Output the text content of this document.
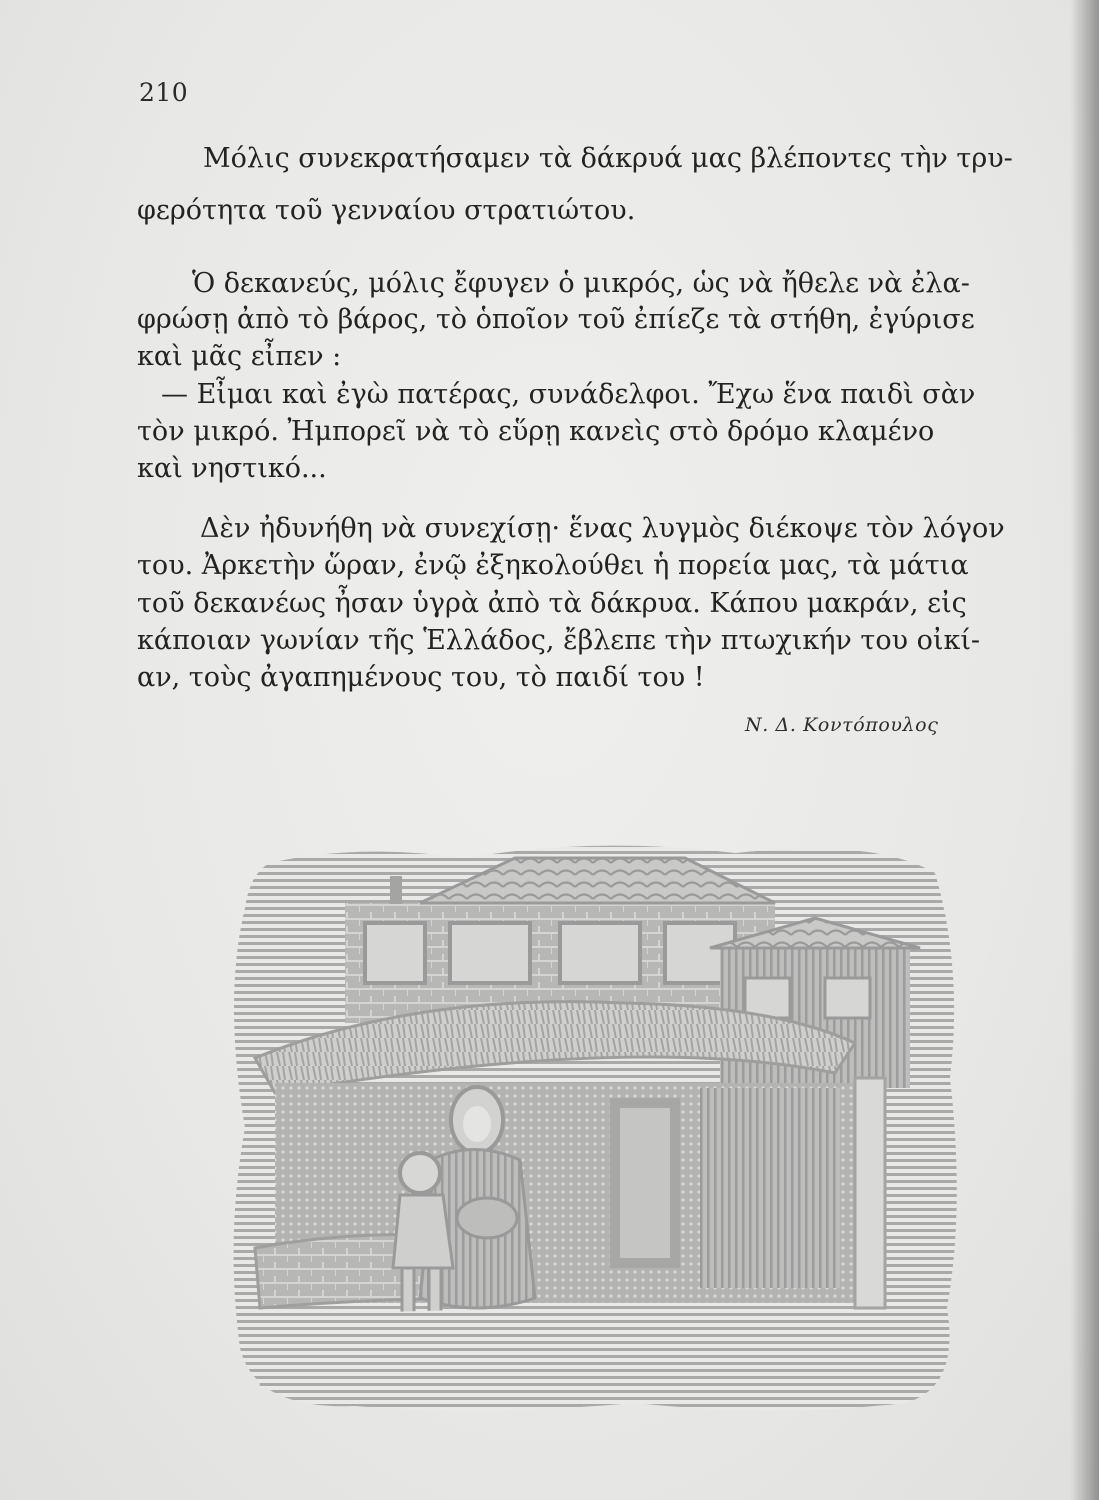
210
Μόλις συνεκρατήσαμεν τὰ δάκρυά μας βλέποντες τὴν τρυ-
φερότητα τοῦ γενναίου στρατιώτου.
Ὁ δεκανεύς, μόλις ἔφυγεν ὁ μικρός, ὡς νὰ ἤθελε νὰ ἐλα-
φρώσῃ ἀπὸ τὸ βάρος, τὸ ὁποῖον τοῦ ἐπίεζε τὰ στήθη, ἐγύρισε
καὶ μᾶς εἶπεν :
— Εἶμαι καὶ ἐγὼ πατέρας, συνάδελφοι. Ἔχω ἕνα παιδὶ σὰν
τὸν μικρό. Ἠμπορεῖ νὰ τὸ εὕρῃ κανεὶς στὸ δρόμο κλαμένο
καὶ νηστικό...
Δὲν ἠδυνήθη νὰ συνεχίσῃ· ἕνας λυγμὸς διέκοψε τὸν λόγον
του. Ἀρκετὴν ὥραν, ἐνῷ ἐξηκολούθει ἡ πορεία μας, τὰ μάτια
τοῦ δεκανέως ἦσαν ὑγρὰ ἀπὸ τὰ δάκρυα. Κάπου μακράν, εἰς
κάποιαν γωνίαν τῆς Ἑλλάδος, ἔβλεπε τὴν πτωχικήν του οἰκί-
αν, τοὺς ἀγαπημένους του, τὸ παιδί του !
Ν. Δ. Κοντόπουλος
